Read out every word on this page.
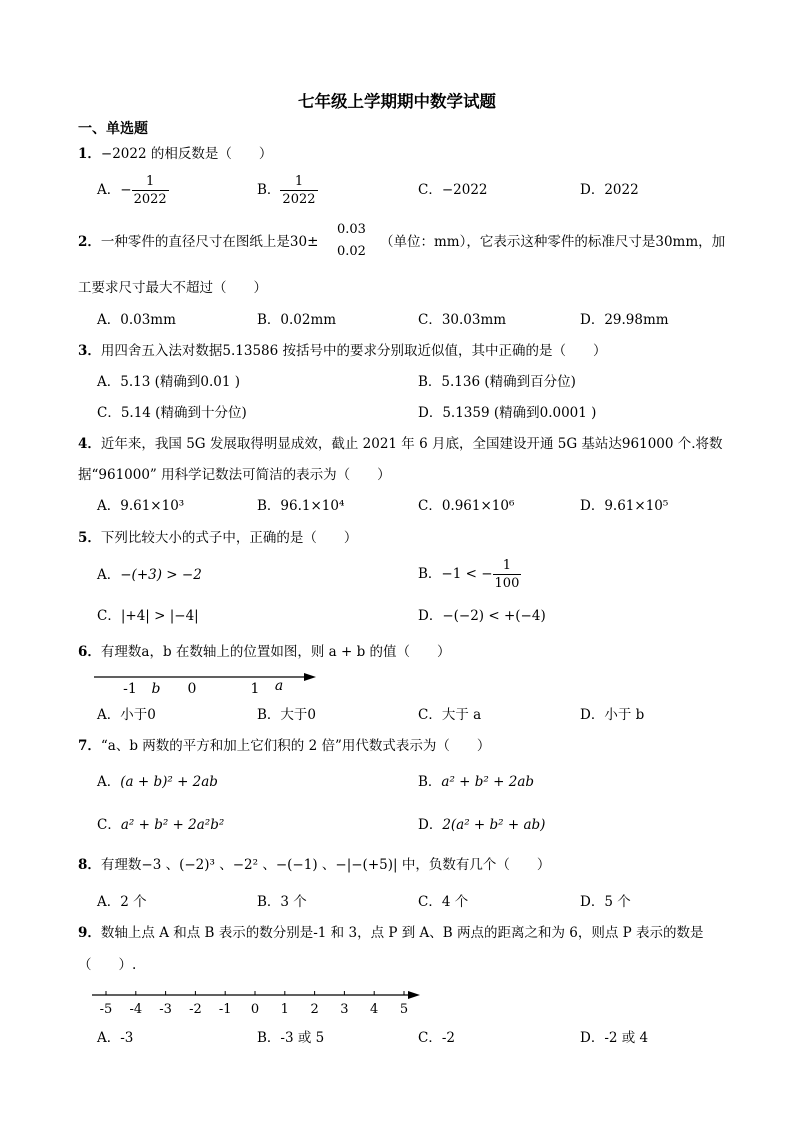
七年级上学期期中数学试题
一、单选题
1．−2022 的相反数是（　　）
A．− $\frac{1}{2022}$	B． $\frac{1}{2022}$	C．−2022	D．2022
2．一种零件的直径尺寸在图纸上是30±
0.03
0.02
（单位：mm），它表示这种零件的标准尺寸是30mm，加
工要求尺寸最大不超过（　　）
A．0.03mm	B．0.02mm	C．30.03mm	D．29.98mm
3．用四舍五入法对数据5.13586 按括号中的要求分别取近似值，其中正确的是（　　）
A．5.13 (精确到0.01 )	B．5.136 (精确到百分位)
C．5.14 (精确到十分位)	D．5.1359 (精确到0.0001 )
4．近年来，我国 5G 发展取得明显成效，截止 2021 年 6 月底，全国建设开通 5G 基站达961000 个.将数
据“961000” 用科学记数法可简洁的表示为（　　）
A．9.61×10³	B．96.1×10⁴	C．0.961×10⁶	D．9.61×10⁵
5．下列比较大小的式子中，正确的是（　　）
A．−(+3) > −2	B．−1 < − $\frac{1}{100}$
C．|+4| > |−4|	D．−(−2) < +(−4)
6．有理数a，b 在数轴上的位置如图，则 a + b 的值（　　）
-1 b 0	1 a
A．小于0	B．大于0	C．大于 a	D．小于 b
7．“a、b 两数的平方和加上它们积的 2 倍”用代数式表示为（　　）
A．(a + b)² + 2ab	B．a² + b² + 2ab
C．a² + b² + 2a²b²	D．2(a² + b² + ab)
8．有理数−3 、(−2)³ 、−2² 、−(−1) 、−|−(+5)| 中，负数有几个（　　）
A．2 个	B．3 个	C．4 个	D．5 个
9．数轴上点 A 和点 B 表示的数分别是-1 和 3，点 P 到 A、B 两点的距离之和为 6，则点 P 表示的数是
（　　）.
-5 -4 -3 -2 -1 0 1 2 3 4 5
A．-3	B．-3 或 5	C．-2	D．-2 或 4
